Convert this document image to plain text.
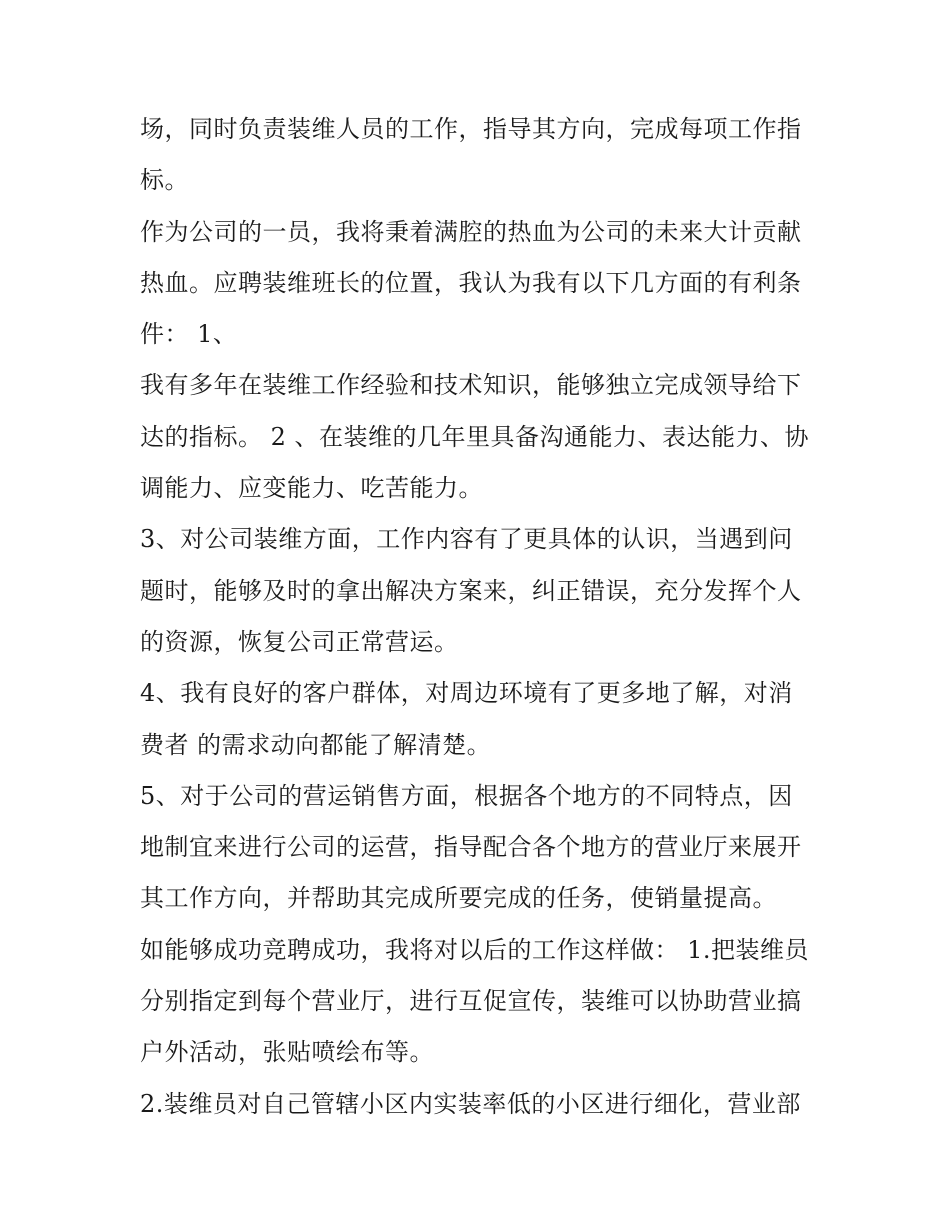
场，同时负责装维人员的工作，指导其方向，完成每项工作指
标。
作为公司的一员，我将秉着满腔的热血为公司的未来大计贡献
热血。应聘装维班长的位置，我认为我有以下几方面的有利条
件： 1、
我有多年在装维工作经验和技术知识，能够独立完成领导给下
达的指标。 2 、在装维的几年里具备沟通能力、表达能力、协
调能力、应变能力、吃苦能力。
3、对公司装维方面，工作内容有了更具体的认识，当遇到问
题时，能够及时的拿出解决方案来，纠正错误，充分发挥个人
的资源，恢复公司正常营运。
4、我有良好的客户群体，对周边环境有了更多地了解，对消
费者 的需求动向都能了解清楚。
5、对于公司的营运销售方面，根据各个地方的不同特点，因
地制宜来进行公司的运营，指导配合各个地方的营业厅来展开
其工作方向，并帮助其完成所要完成的任务，使销量提高。
如能够成功竞聘成功，我将对以后的工作这样做： 1.把装维员
分别指定到每个营业厅，进行互促宣传，装维可以协助营业搞
户外活动，张贴喷绘布等。
2.装维员对自己管辖小区内实装率低的小区进行细化，营业部
